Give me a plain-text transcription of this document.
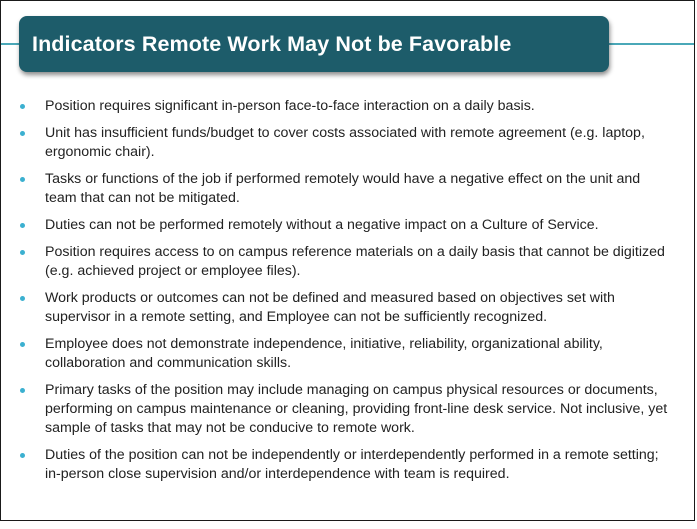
Indicators Remote Work May Not be Favorable
Position requires significant in-person face-to-face interaction on a daily basis.
Unit has insufficient funds/budget to cover costs associated with remote agreement (e.g. laptop, ergonomic chair).
Tasks or functions of the job if performed remotely would have a negative effect on the unit and team that can not be mitigated.
Duties can not be performed remotely without a negative impact on a Culture of Service.
Position requires access to on campus reference materials on a daily basis that cannot be digitized (e.g. achieved project or employee files).
Work products or outcomes can not be defined and measured based on objectives set with supervisor in a remote setting, and Employee can not be sufficiently recognized.
Employee does not demonstrate independence, initiative, reliability, organizational ability, collaboration and communication skills.
Primary tasks of the position may include managing on campus physical resources or documents, performing on campus maintenance or cleaning, providing front-line desk service. Not inclusive, yet sample of tasks that may not be conducive to remote work.
Duties of the position can not be independently or interdependently performed in a remote setting; in-person close supervision and/or interdependence with team is required.
